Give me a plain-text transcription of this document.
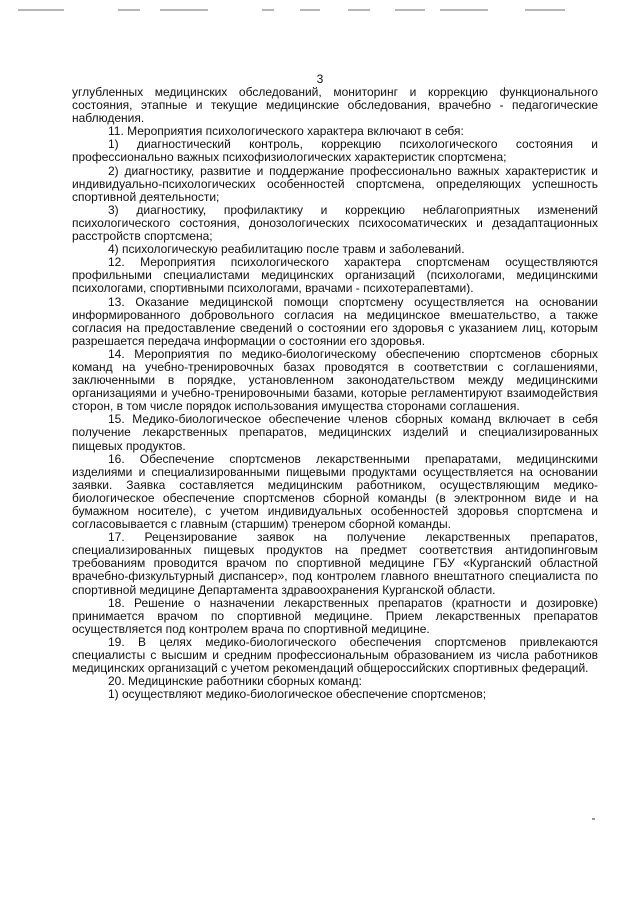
3

углубленных медицинских обследований, мониторинг и коррекцию функционального состояния, этапные и текущие медицинские обследования, врачебно - педагогические наблюдения.

11. Мероприятия психологического характера включают в себя:

1) диагностический контроль, коррекцию психологического состояния и профессионально важных психофизиологических характеристик спортсмена;

2) диагностику, развитие и поддержание профессионально важных характеристик и индивидуально-психологических особенностей спортсмена, определяющих успешность спортивной деятельности;

3) диагностику, профилактику и коррекцию неблагоприятных изменений психологического состояния, донозологических психосоматических и дезадаптационных расстройств спортсмена;

4) психологическую реабилитацию после травм и заболеваний.

12. Мероприятия психологического характера спортсменам осуществляются профильными специалистами медицинских организаций (психологами, медицинскими психологами, спортивными психологами, врачами - психотерапевтами).

13. Оказание медицинской помощи спортсмену осуществляется на основании информированного добровольного согласия на медицинское вмешательство, а также согласия на предоставление сведений о состоянии его здоровья с указанием лиц, которым разрешается передача информации о состоянии его здоровья.

14. Мероприятия по медико-биологическому обеспечению спортсменов сборных команд на учебно-тренировочных базах проводятся в соответствии с соглашениями, заключенными в порядке, установленном законодательством между медицинскими организациями и учебно-тренировочными базами, которые регламентируют взаимодействия сторон, в том числе порядок использования имущества сторонами соглашения.

15. Медико-биологическое обеспечение членов сборных команд включает в себя получение лекарственных препаратов, медицинских изделий и специализированных пищевых продуктов.

16. Обеспечение спортсменов лекарственными препаратами, медицинскими изделиями и специализированными пищевыми продуктами осуществляется на основании заявки. Заявка составляется медицинским работником, осуществляющим медико-биологическое обеспечение спортсменов сборной команды (в электронном виде и на бумажном носителе), с учетом индивидуальных особенностей здоровья спортсмена и согласовывается с главным (старшим) тренером сборной команды.

17. Рецензирование заявок на получение лекарственных препаратов, специализированных пищевых продуктов на предмет соответствия антидопинговым требованиям проводится врачом по спортивной медицине ГБУ «Курганский областной врачебно-физкультурный диспансер», под контролем главного внештатного специалиста по спортивной медицине Департамента здравоохранения Курганской области.

18. Решение о назначении лекарственных препаратов (кратности и дозировке) принимается врачом по спортивной медицине. Прием лекарственных препаратов осуществляется под контролем врача по спортивной медицине.

19. В целях медико-биологического обеспечения спортсменов привлекаются специалисты с высшим и средним профессиональным образованием из числа работников медицинских организаций с учетом рекомендаций общероссийских спортивных федераций.

20. Медицинские работники сборных команд:

1) осуществляют медико-биологическое обеспечение спортсменов;
